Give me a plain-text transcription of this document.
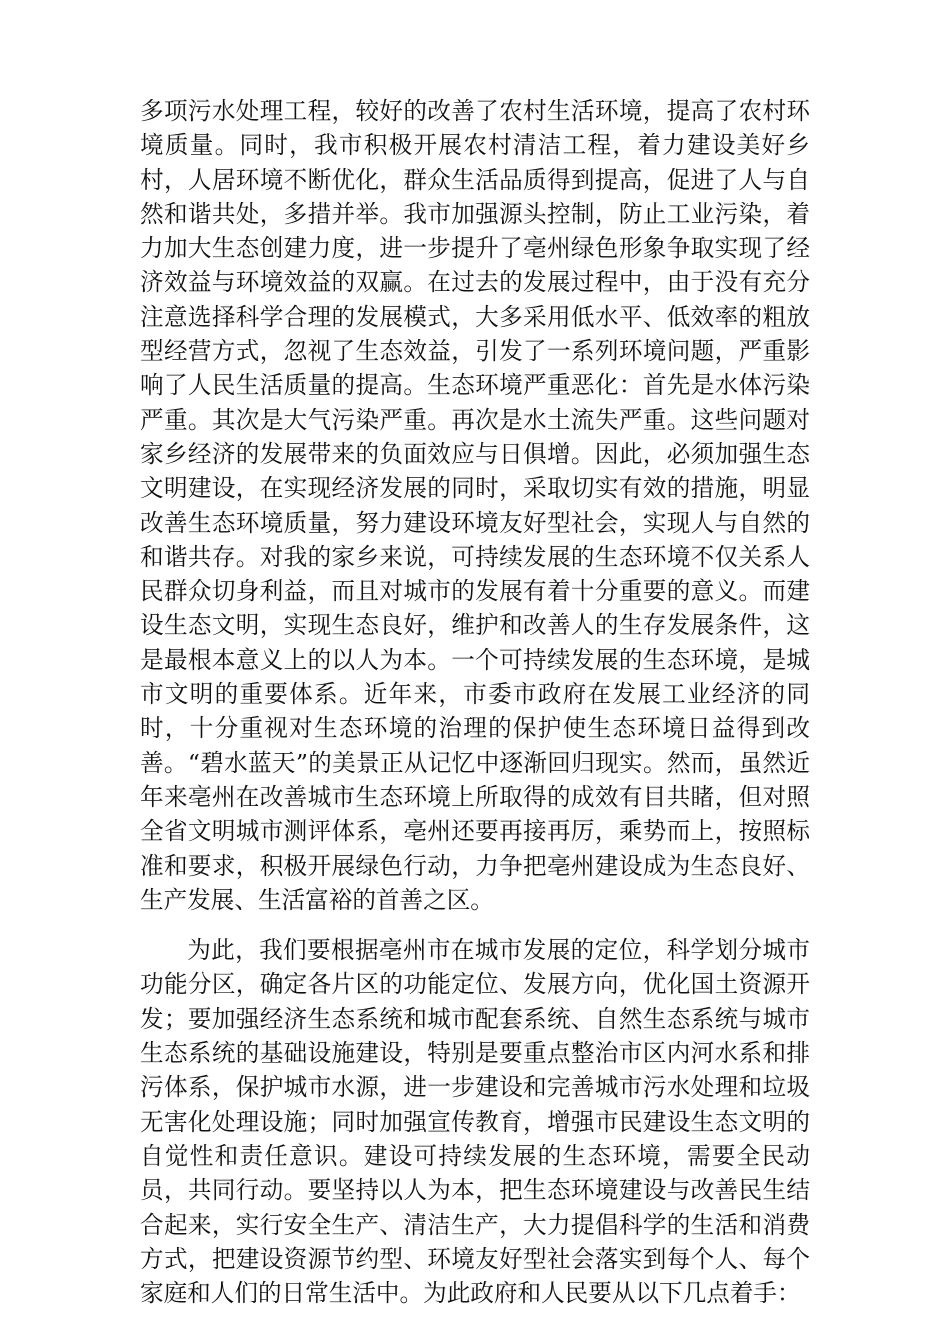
多项污水处理工程，较好的改善了农村生活环境，提高了农村环境质量。同时，我市积极开展农村清洁工程，着力建设美好乡村，人居环境不断优化，群众生活品质得到提高，促进了人与自然和谐共处，多措并举。我市加强源头控制，防止工业污染，着力加大生态创建力度，进一步提升了亳州绿色形象争取实现了经济效益与环境效益的双赢。在过去的发展过程中，由于没有充分注意选择科学合理的发展模式，大多采用低水平、低效率的粗放型经营方式，忽视了生态效益，引发了一系列环境问题，严重影响了人民生活质量的提高。生态环境严重恶化：首先是水体污染严重。其次是大气污染严重。再次是水土流失严重。这些问题对家乡经济的发展带来的负面效应与日俱增。因此，必须加强生态文明建设，在实现经济发展的同时，采取切实有效的措施，明显改善生态环境质量，努力建设环境友好型社会，实现人与自然的和谐共存。对我的家乡来说，可持续发展的生态环境不仅关系人民群众切身利益，而且对城市的发展有着十分重要的意义。而建设生态文明，实现生态良好，维护和改善人的生存发展条件，这是最根本意义上的以人为本。一个可持续发展的生态环境，是城市文明的重要体系。近年来，市委市政府在发展工业经济的同时，十分重视对生态环境的治理的保护使生态环境日益得到改善。“碧水蓝天”的美景正从记忆中逐渐回归现实。然而，虽然近年来亳州在改善城市生态环境上所取得的成效有目共睹，但对照全省文明城市测评体系，亳州还要再接再厉，乘势而上，按照标准和要求，积极开展绿色行动，力争把亳州建设成为生态良好、生产发展、生活富裕的首善之区。

为此，我们要根据亳州市在城市发展的定位，科学划分城市功能分区，确定各片区的功能定位、发展方向，优化国土资源开发；要加强经济生态系统和城市配套系统、自然生态系统与城市生态系统的基础设施建设，特别是要重点整治市区内河水系和排污体系，保护城市水源，进一步建设和完善城市污水处理和垃圾无害化处理设施；同时加强宣传教育，增强市民建设生态文明的自觉性和责任意识。建设可持续发展的生态环境，需要全民动员，共同行动。要坚持以人为本，把生态环境建设与改善民生结合起来，实行安全生产、清洁生产，大力提倡科学的生活和消费方式，把建设资源节约型、环境友好型社会落实到每个人、每个家庭和人们的日常生活中。为此政府和人民要从以下几点着手：
